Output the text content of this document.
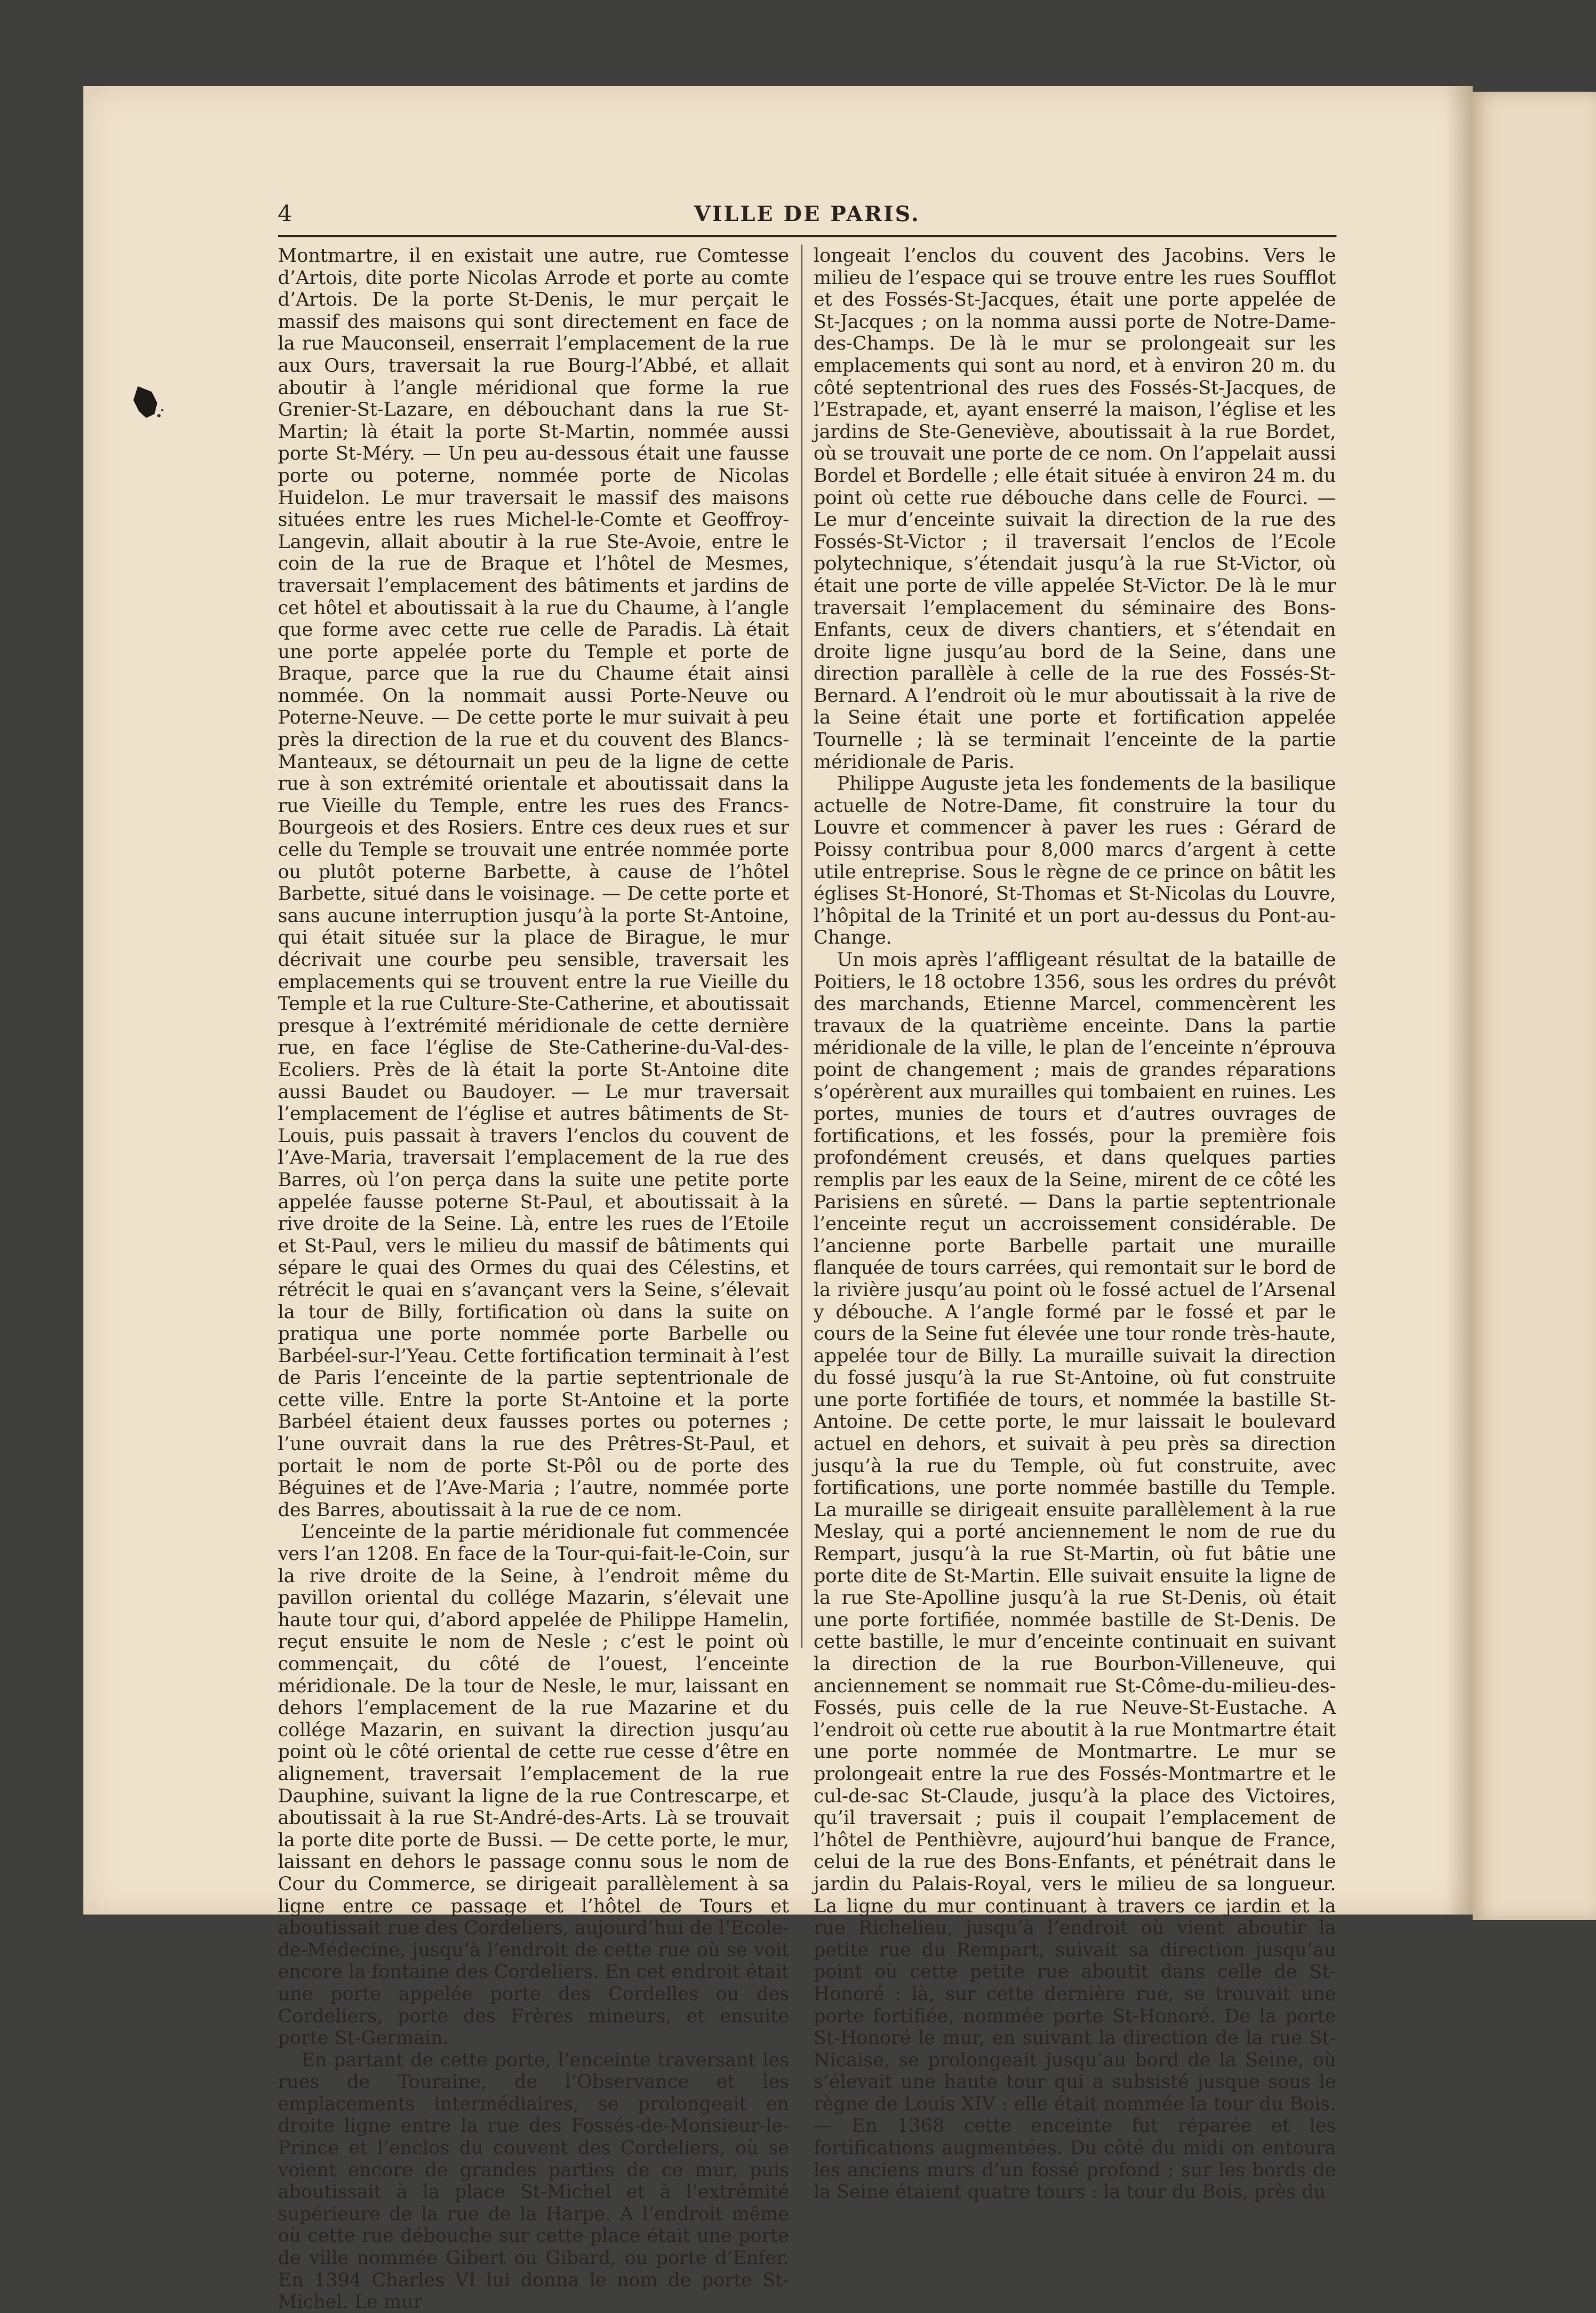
4	VILLE DE PARIS.

Montmartre, il en existait une autre, rue Comtesse d’Artois, dite porte Nicolas Arrode et porte au comte d’Artois. De la porte St-Denis, le mur perçait le massif des maisons qui sont directement en face de la rue Mauconseil, enserrait l’emplacement de la rue aux Ours, traversait la rue Bourg-l’Abbé, et allait aboutir à l’angle méridional que forme la rue Grenier-St-Lazare, en débouchant dans la rue St-Martin; là était la porte St-Martin, nommée aussi porte St-Méry. — Un peu au-dessous était une fausse porte ou poterne, nommée porte de Nicolas Huidelon. Le mur traversait le massif des maisons situées entre les rues Michel-le-Comte et Geoffroy-Langevin, allait aboutir à la rue Ste-Avoie, entre le coin de la rue de Braque et l’hôtel de Mesmes, traversait l’emplacement des bâtiments et jardins de cet hôtel et aboutissait à la rue du Chaume, à l’angle que forme avec cette rue celle de Paradis. Là était une porte appelée porte du Temple et porte de Braque, parce que la rue du Chaume était ainsi nommée. On la nommait aussi Porte-Neuve ou Poterne-Neuve. — De cette porte le mur suivait à peu près la direction de la rue et du couvent des Blancs-Manteaux, se détournait un peu de la ligne de cette rue à son extrémité orientale et aboutissait dans la rue Vieille du Temple, entre les rues des Francs-Bourgeois et des Rosiers. Entre ces deux rues et sur celle du Temple se trouvait une entrée nommée porte ou plutôt poterne Barbette, à cause de l’hôtel Barbette, situé dans le voisinage. — De cette porte et sans aucune interruption jusqu’à la porte St-Antoine, qui était située sur la place de Birague, le mur décrivait une courbe peu sensible, traversait les emplacements qui se trouvent entre la rue Vieille du Temple et la rue Culture-Ste-Catherine, et aboutissait presque à l’extrémité méridionale de cette dernière rue, en face l’église de Ste-Catherine-du-Val-des-Ecoliers. Près de là était la porte St-Antoine dite aussi Baudet ou Baudoyer. — Le mur traversait l’emplacement de l’église et autres bâtiments de St-Louis, puis passait à travers l’enclos du couvent de l’Ave-Maria, traversait l’emplacement de la rue des Barres, où l’on perça dans la suite une petite porte appelée fausse poterne St-Paul, et aboutissait à la rive droite de la Seine. Là, entre les rues de l’Etoile et St-Paul, vers le milieu du massif de bâtiments qui sépare le quai des Ormes du quai des Célestins, et rétrécit le quai en s’avançant vers la Seine, s’élevait la tour de Billy, fortification où dans la suite on pratiqua une porte nommée porte Barbelle ou Barbéel-sur-l’Yeau. Cette fortification terminait à l’est de Paris l’enceinte de la partie septentrionale de cette ville. Entre la porte St-Antoine et la porte Barbéel étaient deux fausses portes ou poternes ; l’une ouvrait dans la rue des Prêtres-St-Paul, et portait le nom de porte St-Pôl ou de porte des Béguines et de l’Ave-Maria ; l’autre, nommée porte des Barres, aboutissait à la rue de ce nom.

L’enceinte de la partie méridionale fut commencée vers l’an 1208. En face de la Tour-qui-fait-le-Coin, sur la rive droite de la Seine, à l’endroit même du pavillon oriental du collége Mazarin, s’élevait une haute tour qui, d’abord appelée de Philippe Hamelin, reçut ensuite le nom de Nesle ; c’est le point où commençait, du côté de l’ouest, l’enceinte méridionale. De la tour de Nesle, le mur, laissant en dehors l’emplacement de la rue Mazarine et du collége Mazarin, en suivant la direction jusqu’au point où le côté oriental de cette rue cesse d’être en alignement, traversait l’emplacement de la rue Dauphine, suivant la ligne de la rue Contrescarpe, et aboutissait à la rue St-André-des-Arts. Là se trouvait la porte dite porte de Bussi. — De cette porte, le mur, laissant en dehors le passage connu sous le nom de Cour du Commerce, se dirigeait parallèlement à sa ligne entre ce passage et l’hôtel de Tours et aboutissait rue des Cordeliers, aujourd’hui de l’Ecole-de-Médecine, jusqu’à l’endroit de cette rue où se voit encore la fontaine des Cordeliers. En cet endroit était une porte appelée porte des Cordelles ou des Cordeliers, porte des Frères mineurs, et ensuite porte St-Germain.

En partant de cette porte, l’enceinte traversant les rues de Touraine, de l’Observance et les emplacements intermédiaires, se prolongeait en droite ligne entre la rue des Fossés-de-Monsieur-le-Prince et l’enclos du couvent des Cordeliers, où se voient encore de grandes parties de ce mur, puis aboutissait à la place St-Michel et à l’extrémité supérieure de la rue de la Harpe. A l’endroit même où cette rue débouche sur cette place était une porte de ville nommée Gibert ou Gibard, ou porte d’Enfer. En 1394 Charles VI lui donna le nom de porte St-Michel. Le mur

longeait l’enclos du couvent des Jacobins. Vers le milieu de l’espace qui se trouve entre les rues Soufflot et des Fossés-St-Jacques, était une porte appelée de St-Jacques ; on la nomma aussi porte de Notre-Dame-des-Champs. De là le mur se prolongeait sur les emplacements qui sont au nord, et à environ 20 m. du côté septentrional des rues des Fossés-St-Jacques, de l’Estrapade, et, ayant enserré la maison, l’église et les jardins de Ste-Geneviève, aboutissait à la rue Bordet, où se trouvait une porte de ce nom. On l’appelait aussi Bordel et Bordelle ; elle était située à environ 24 m. du point où cette rue débouche dans celle de Fourci. — Le mur d’enceinte suivait la direction de la rue des Fossés-St-Victor ; il traversait l’enclos de l’Ecole polytechnique, s’étendait jusqu’à la rue St-Victor, où était une porte de ville appelée St-Victor. De là le mur traversait l’emplacement du séminaire des Bons-Enfants, ceux de divers chantiers, et s’étendait en droite ligne jusqu’au bord de la Seine, dans une direction parallèle à celle de la rue des Fossés-St-Bernard. A l’endroit où le mur aboutissait à la rive de la Seine était une porte et fortification appelée Tournelle ; là se terminait l’enceinte de la partie méridionale de Paris.

Philippe Auguste jeta les fondements de la basilique actuelle de Notre-Dame, fit construire la tour du Louvre et commencer à paver les rues : Gérard de Poissy contribua pour 8,000 marcs d’argent à cette utile entreprise. Sous le règne de ce prince on bâtit les églises St-Honoré, St-Thomas et St-Nicolas du Louvre, l’hôpital de la Trinité et un port au-dessus du Pont-au-Change.

Un mois après l’affligeant résultat de la bataille de Poitiers, le 18 octobre 1356, sous les ordres du prévôt des marchands, Etienne Marcel, commencèrent les travaux de la quatrième enceinte. Dans la partie méridionale de la ville, le plan de l’enceinte n’éprouva point de changement ; mais de grandes réparations s’opérèrent aux murailles qui tombaient en ruines. Les portes, munies de tours et d’autres ouvrages de fortifications, et les fossés, pour la première fois profondément creusés, et dans quelques parties remplis par les eaux de la Seine, mirent de ce côté les Parisiens en sûreté. — Dans la partie septentrionale l’enceinte reçut un accroissement considérable. De l’ancienne porte Barbelle partait une muraille flanquée de tours carrées, qui remontait sur le bord de la rivière jusqu’au point où le fossé actuel de l’Arsenal y débouche. A l’angle formé par le fossé et par le cours de la Seine fut élevée une tour ronde très-haute, appelée tour de Billy. La muraille suivait la direction du fossé jusqu’à la rue St-Antoine, où fut construite une porte fortifiée de tours, et nommée la bastille St-Antoine. De cette porte, le mur laissait le boulevard actuel en dehors, et suivait à peu près sa direction jusqu’à la rue du Temple, où fut construite, avec fortifications, une porte nommée bastille du Temple. La muraille se dirigeait ensuite parallèlement à la rue Meslay, qui a porté anciennement le nom de rue du Rempart, jusqu’à la rue St-Martin, où fut bâtie une porte dite de St-Martin. Elle suivait ensuite la ligne de la rue Ste-Apolline jusqu’à la rue St-Denis, où était une porte fortifiée, nommée bastille de St-Denis. De cette bastille, le mur d’enceinte continuait en suivant la direction de la rue Bourbon-Villeneuve, qui anciennement se nommait rue St-Côme-du-milieu-des-Fossés, puis celle de la rue Neuve-St-Eustache. A l’endroit où cette rue aboutit à la rue Montmartre était une porte nommée de Montmartre. Le mur se prolongeait entre la rue des Fossés-Montmartre et le cul-de-sac St-Claude, jusqu’à la place des Victoires, qu’il traversait ; puis il coupait l’emplacement de l’hôtel de Penthièvre, aujourd’hui banque de France, celui de la rue des Bons-Enfants, et pénétrait dans le jardin du Palais-Royal, vers le milieu de sa longueur. La ligne du mur continuant à travers ce jardin et la rue Richelieu, jusqu’à l’endroit où vient aboutir la petite rue du Rempart, suivait sa direction jusqu’au point où cette petite rue aboutit dans celle de St-Honoré : là, sur cette dernière rue, se trouvait une porte fortifiée, nommée porte St-Honoré. De la porte St-Honoré le mur, en suivant la direction de la rue St-Nicaise, se prolongeait jusqu’au bord de la Seine, où s’élevait une haute tour qui a subsisté jusque sous le règne de Louis XIV : elle était nommée la tour du Bois. — En 1368 cette enceinte fut réparée et les fortifications augmentées. Du côté du midi on entoura les anciens murs d’un fossé profond ; sur les bords de la Seine étaient quatre tours : la tour du Bois, près du
